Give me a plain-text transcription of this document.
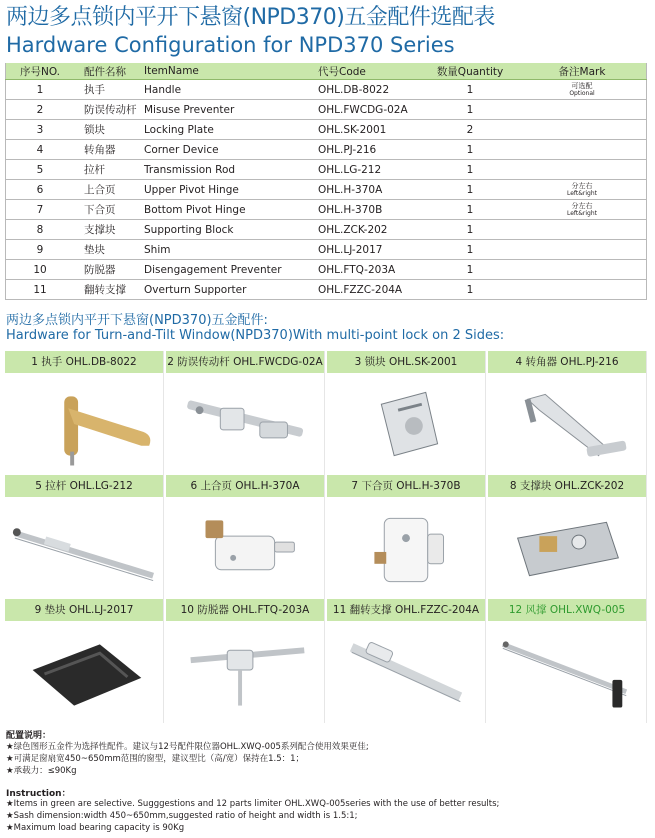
两边多点锁内平开下悬窗(NPD370)五金配件选配表
Hardware Configuration for NPD370 Series
序号NO.	配件名称	ItemName	代号Code	数量Quantity	备注Mark
1	执手	Handle	OHL.DB-8022	1	可选配
Optional

2	防误传动杆	Misuse Preventer	OHL.FWCDG-02A	1	

3	锁块	Locking Plate	OHL.SK-2001	2	

4	转角器	Corner Device	OHL.PJ-216	1	

5	拉杆	Transmission Rod	OHL.LG-212	1	

6	上合页	Upper Pivot Hinge	OHL.H-370A	1	分左右
Left&right

7	下合页	Bottom Pivot Hinge	OHL.H-370B	1	分左右
Left&right

8	支撑块	Supporting Block	OHL.ZCK-202	1	

9	垫块	Shim	OHL.LJ-2017	1	

10	防脱器	Disengagement Preventer	OHL.FTQ-203A	1	

11	翻转支撑	Overturn Supporter	OHL.FZZC-204A	1	
两边多点锁内平开下悬窗(NPD370)五金配件:
Hardware for Turn-and-Tilt Window(NPD370)With multi-point lock on 2 Sides:
1 执手 OHL.DB-8022	2 防误传动杆 OHL.FWCDG-02A	3 锁块 OHL.SK-2001	4 转角器 OHL.PJ-216
5 拉杆 OHL.LG-212	6 上合页 OHL.H-370A	7 下合页 OHL.H-370B	8 支撑块 OHL.ZCK-202
9 垫块 OHL.LJ-2017	10 防脱器 OHL.FTQ-203A	11 翻转支撑 OHL.FZZC-204A	12 风撑 OHL.XWQ-005
配置说明：
★绿色图形五金件为选择性配件。建议与12号配件限位器OHL.XWQ-005系列配合使用效果更佳;
★可满足窗扇宽450~650mm范围的窗型，建议型比（高/宽）保持在1.5：1；
★承载力：≤90Kg
Instruction：
★Items in green are selective. Sugggestions and 12 parts limiter OHL.XWQ-005series with the use of better results;
★Sash dimension:width 450~650mm,suggested ratio of height and width is 1.5:1;
★Maximum load bearing capacity is 90Kg
